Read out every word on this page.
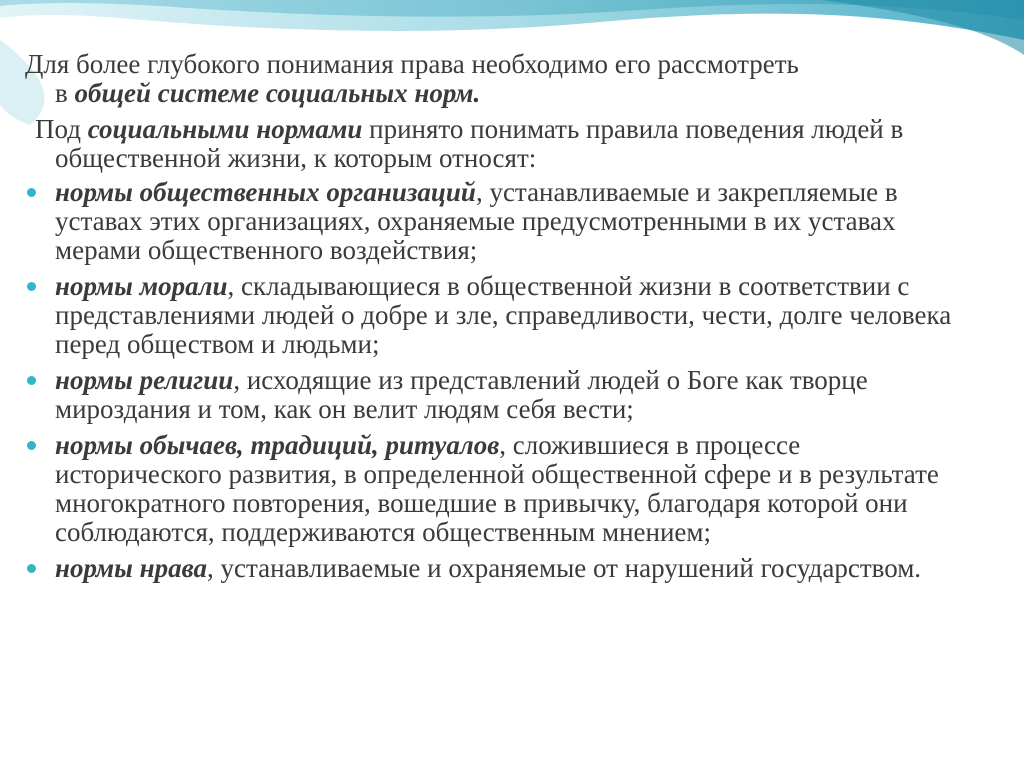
Для более глубокого понимания права необходимо его рассмотреть
в общей системе социальных норм.

Под социальными нормами принято понимать правила поведения людей в общественной жизни, к которым относят:

нормы общественных организаций, устанавливаемые и закрепляемые в уставах этих организациях, охраняемые предусмотренными в их уставах мерами общественного воздействия;
нормы морали, складывающиеся в общественной жизни в соответствии с представлениями людей о добре и зле, справедливости, чести, долге человека перед обществом и людьми;
нормы религии, исходящие из представлений людей о Боге как творце мироздания и том, как он велит людям себя вести;
нормы обычаев, традиций, ритуалов, сложившиеся в процессе исторического развития, в определенной общественной сфере и в результате многократного повторения, вошедшие в привычку, благодаря которой они соблюдаются, поддерживаются общественным мнением;
нормы нрава, устанавливаемые и охраняемые от нарушений государством.
